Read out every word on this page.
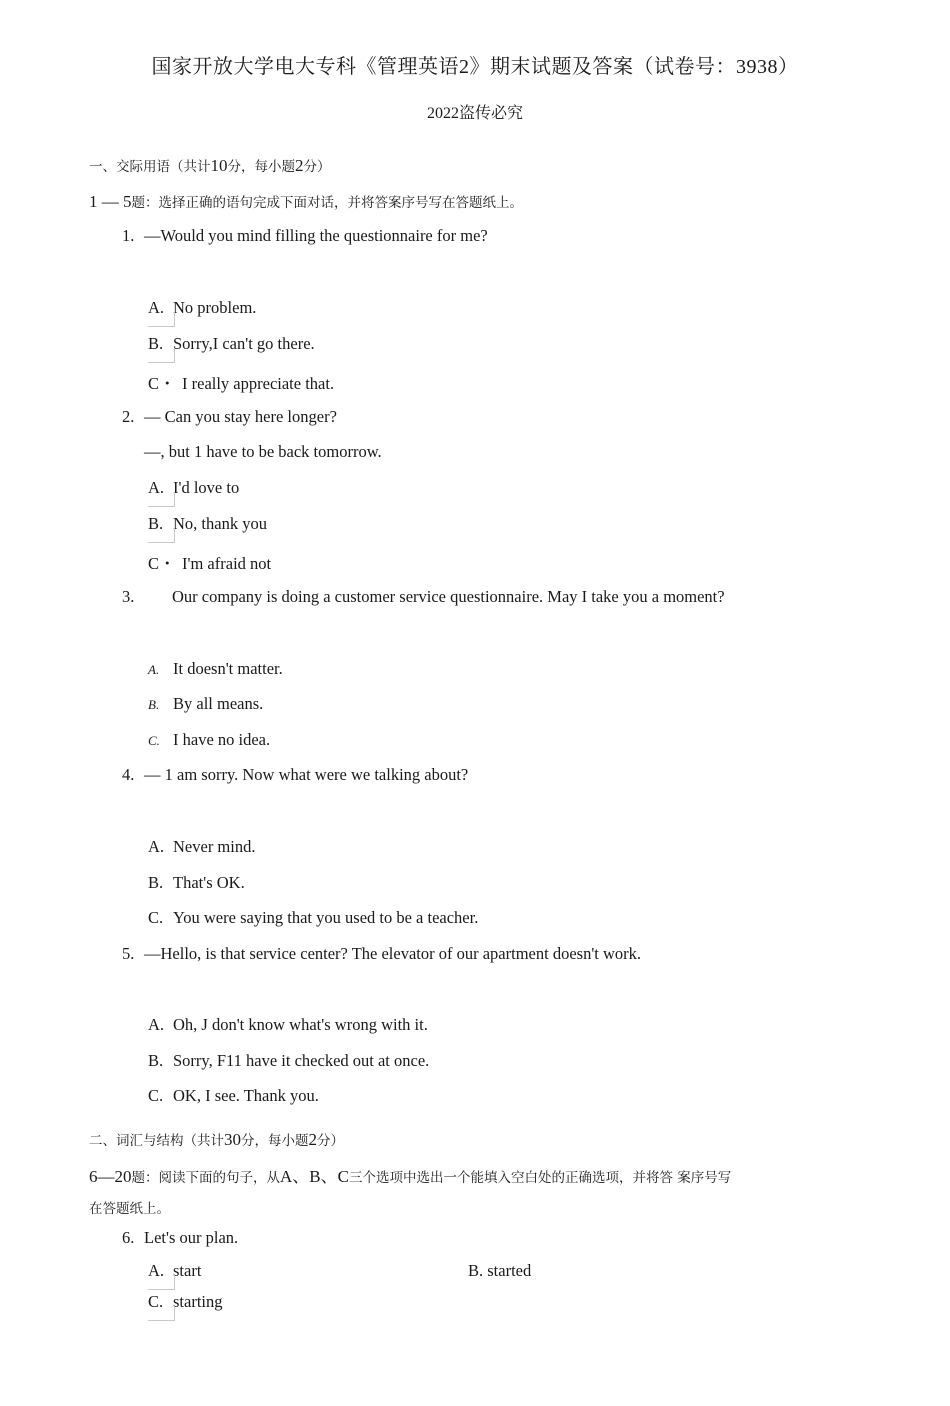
国家开放大学电大专科《管理英语2》期末试题及答案（试卷号：3938）
2022盗传必究
一、交际用语（共计10分，每小题2分）
1 — 5题：选择正确的语句完成下面对话，并将答案序号写在答题纸上。
1. —Would you mind filling the questionnaire for me?
A. No problem.
B. Sorry,I can't go there.
C・ I really appreciate that.
2. — Can you stay here longer?
—, but 1 have to be back tomorrow.
A. I'd love to
B. No, thank you
C・ I'm afraid not
3. Our company is doing a customer service questionnaire. May I take you a moment?
A. It doesn't matter.
B. By all means.
C. I have no idea.
4. — 1 am sorry. Now what were we talking about?
A. Never mind.
B. That's OK.
C. You were saying that you used to be a teacher.
5. —Hello, is that service center? The elevator of our apartment doesn't work.
A. Oh, J don't know what's wrong with it.
B. Sorry, F11 have it checked out at once.
C. OK, I see. Thank you.
二、词汇与结构（共计30分，每小题2分）
6—20题：阅读下面的句子，从A、B、C三个选项中选出一个能填入空白处的正确选项，并将答 案序号写
在答题纸上。
6. Let's our plan.
A. start	B. started
C. starting
